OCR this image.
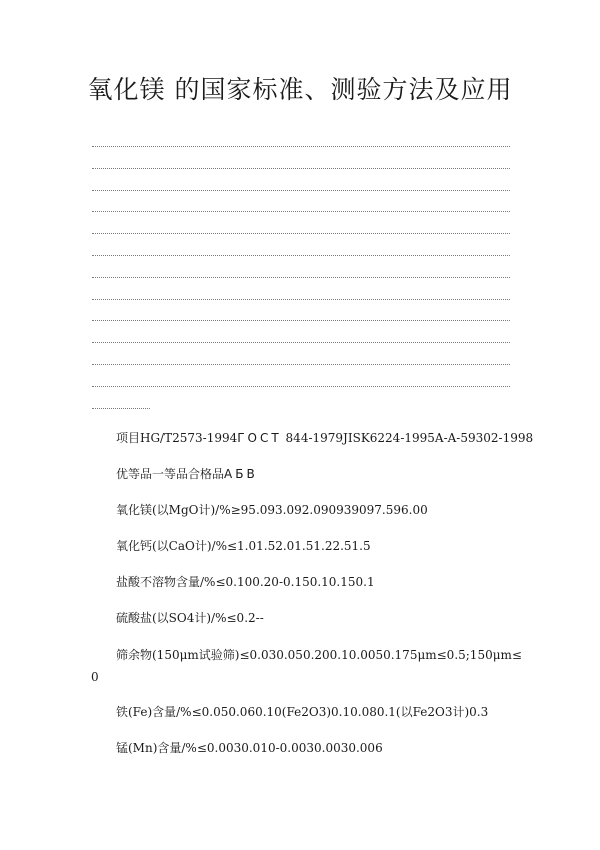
氧化镁 的国家标准、测验方法及应用
项目HG/T2573-1994ГОСТ 844-1979JISK6224-1995A-A-59302-1998
优等品一等品合格品АБВ
氧化镁(以MgO计)/%≥95.093.092.090939097.596.00
氧化钙(以CaO计)/%≤1.01.52.01.51.22.51.5
盐酸不溶物含量/%≤0.100.20-0.150.10.150.1
硫酸盐(以SO4计)/%≤0.2--
筛余物(150μm试验筛)≤0.030.050.200.10.0050.175μm≤0.5;150μm≤
0
铁(Fe)含量/%≤0.050.060.10(Fe2O3)0.10.080.1(以Fe2O3计)0.3
锰(Mn)含量/%≤0.0030.010-0.0030.0030.006
